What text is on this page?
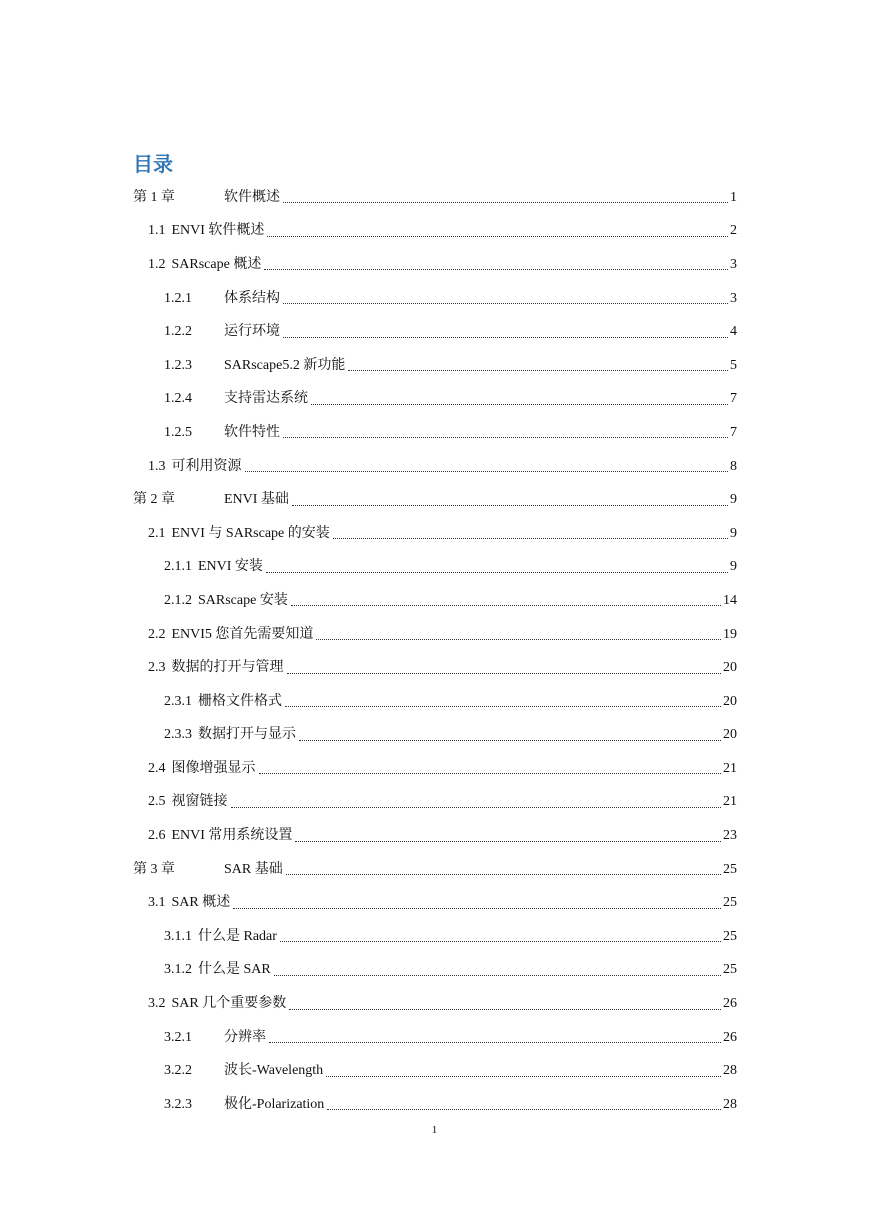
目录
第 1 章	软件概述	1
1.1 ENVI 软件概述	2
1.2 SARscape 概述	3
1.2.1	体系结构	3
1.2.2	运行环境	4
1.2.3	SARscape5.2 新功能	5
1.2.4	支持雷达系统	7
1.2.5	软件特性	7
1.3 可利用资源	8
第 2 章	ENVI 基础	9
2.1 ENVI 与 SARscape 的安装	9
2.1.1 ENVI 安装	9
2.1.2 SARscape 安装	14
2.2 ENVI5 您首先需要知道	19
2.3 数据的打开与管理	20
2.3.1 栅格文件格式	20
2.3.3 数据打开与显示	20
2.4 图像增强显示	21
2.5 视窗链接	21
2.6 ENVI 常用系统设置	23
第 3 章	SAR 基础	25
3.1 SAR 概述	25
3.1.1 什么是 Radar	25
3.1.2 什么是 SAR	25
3.2 SAR 几个重要参数	26
3.2.1	分辨率	26
3.2.2	波长-Wavelength	28
3.2.3	极化-Polarization	28
1
